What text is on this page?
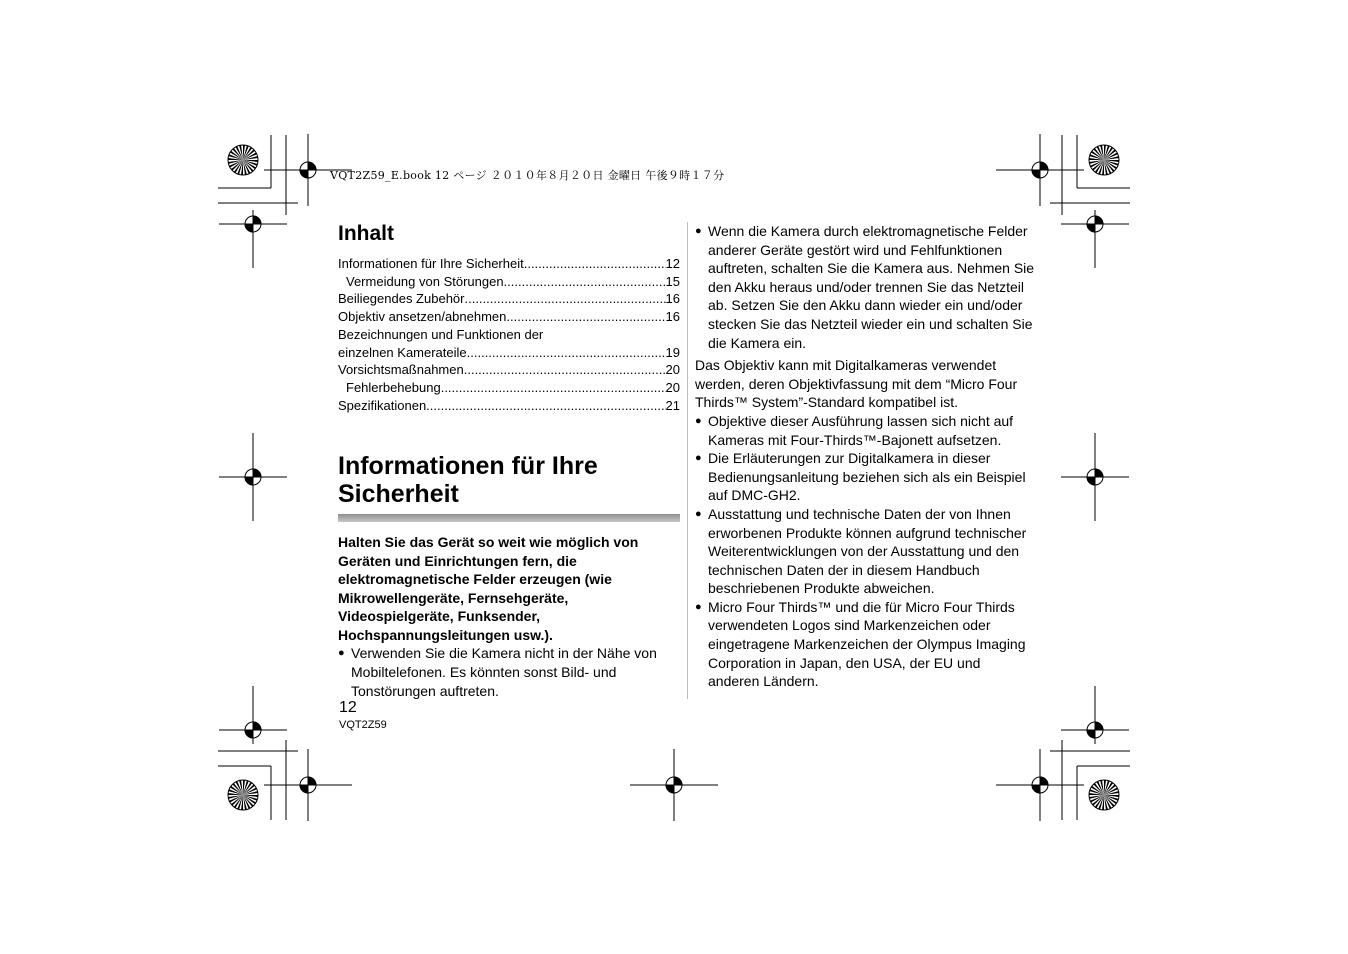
VQT2Z59_E.book 12 ページ ２０１０年８月２０日 金曜日 午後９時１７分
Inhalt
Informationen für Ihre Sicherheit .....	12
Vermeidung von Störungen .....	15
Beiliegendes Zubehör .....	16
Objektiv ansetzen/abnehmen .....	16
Bezeichnungen und Funktionen der
einzelnen Kamerateile .....	19
Vorsichtsmaßnahmen .....	20
Fehlerbehebung .....	20
Spezifikationen .....	21
Informationen für Ihre
Sicherheit
Halten Sie das Gerät so weit wie möglich von Geräten und Einrichtungen fern, die elektromagnetische Felder erzeugen (wie Mikrowellengeräte, Fernsehgeräte, Videospielgeräte, Funksender, Hochspannungsleitungen usw.).
● Verwenden Sie die Kamera nicht in der Nähe von Mobiltelefonen. Es könnten sonst Bild- und Tonstörungen auftreten.
● Wenn die Kamera durch elektromagnetische Felder anderer Geräte gestört wird und Fehlfunktionen auftreten, schalten Sie die Kamera aus. Nehmen Sie den Akku heraus und/oder trennen Sie das Netzteil ab. Setzen Sie den Akku dann wieder ein und/oder stecken Sie das Netzteil wieder ein und schalten Sie die Kamera ein.
Das Objektiv kann mit Digitalkameras verwendet werden, deren Objektivfassung mit dem “Micro Four Thirds™ System”-Standard kompatibel ist.
● Objektive dieser Ausführung lassen sich nicht auf Kameras mit Four-Thirds™-Bajonett aufsetzen.
● Die Erläuterungen zur Digitalkamera in dieser Bedienungsanleitung beziehen sich als ein Beispiel auf DMC-GH2.
● Ausstattung und technische Daten der von Ihnen erworbenen Produkte können aufgrund technischer Weiterentwicklungen von der Ausstattung und den technischen Daten der in diesem Handbuch beschriebenen Produkte abweichen.
● Micro Four Thirds™ und die für Micro Four Thirds verwendeten Logos sind Markenzeichen oder eingetragene Markenzeichen der Olympus Imaging Corporation in Japan, den USA, der EU und anderen Ländern.
12
VQT2Z59
